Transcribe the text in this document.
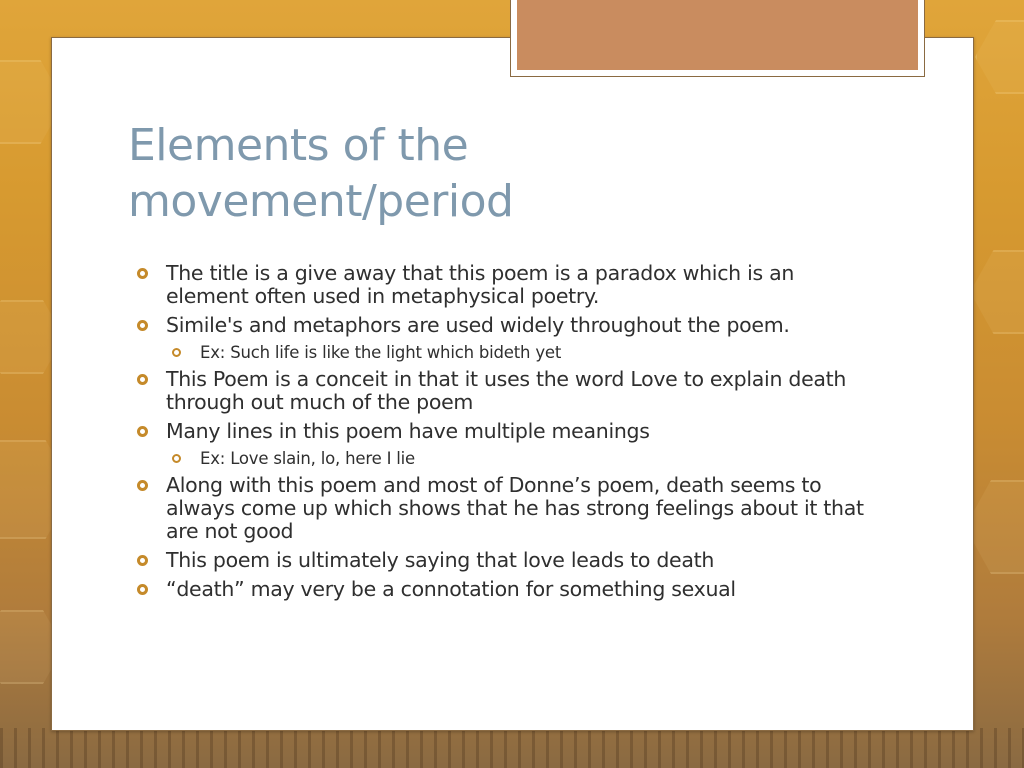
Elements of the movement/period
The title is a give away that this poem is a paradox which is an element often used in metaphysical poetry.
Simile's and metaphors are used widely throughout the poem.
Ex: Such life is like the light which bideth yet
This Poem is a conceit in that it uses the word Love to explain death through out much of the poem
Many lines in this poem have multiple meanings
Ex: Love slain, lo, here I lie
Along with this poem and most of Donne’s poem, death seems to always come up which shows that he has strong feelings about it that are not good
This poem is ultimately saying that love leads to death
“death” may very be a connotation for something sexual
